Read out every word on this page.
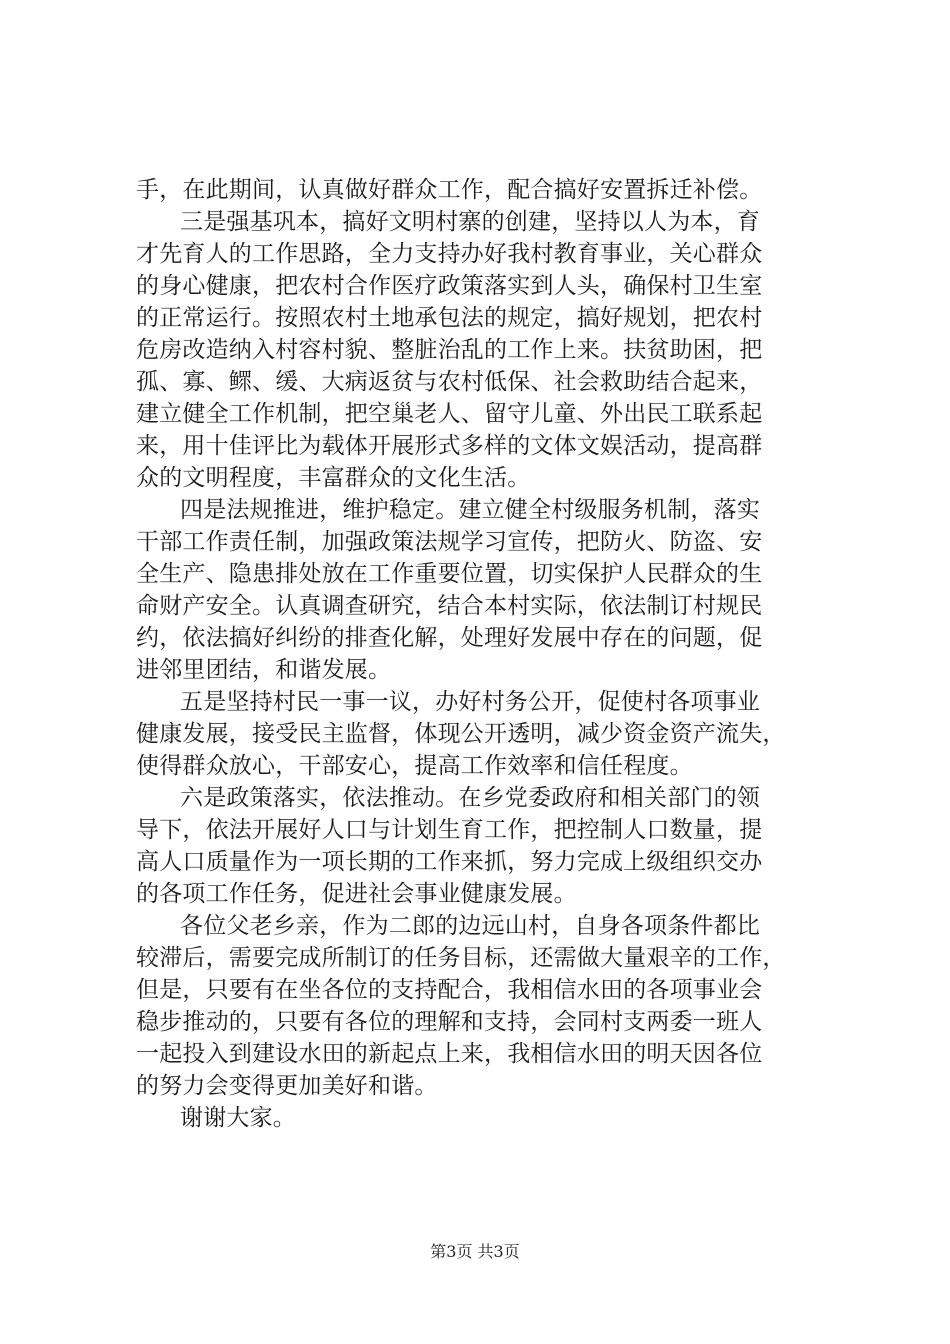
手，在此期间，认真做好群众工作，配合搞好安置拆迁补偿。
三是强基巩本，搞好文明村寨的创建，坚持以人为本，育
才先育人的工作思路，全力支持办好我村教育事业，关心群众
的身心健康，把农村合作医疗政策落实到人头，确保村卫生室
的正常运行。按照农村土地承包法的规定，搞好规划，把农村
危房改造纳入村容村貌、整脏治乱的工作上来。扶贫助困，把
孤、寡、鳏、缓、大病返贫与农村低保、社会救助结合起来，
建立健全工作机制，把空巢老人、留守儿童、外出民工联系起
来，用十佳评比为载体开展形式多样的文体文娱活动，提高群
众的文明程度，丰富群众的文化生活。
四是法规推进，维护稳定。建立健全村级服务机制，落实
干部工作责任制，加强政策法规学习宣传，把防火、防盗、安
全生产、隐患排处放在工作重要位置，切实保护人民群众的生
命财产安全。认真调查研究，结合本村实际，依法制订村规民
约，依法搞好纠纷的排查化解，处理好发展中存在的问题，促
进邻里团结，和谐发展。
五是坚持村民一事一议，办好村务公开，促使村各项事业
健康发展，接受民主监督，体现公开透明，减少资金资产流失，
使得群众放心，干部安心，提高工作效率和信任程度。
六是政策落实，依法推动。在乡党委政府和相关部门的领
导下，依法开展好人口与计划生育工作，把控制人口数量，提
高人口质量作为一项长期的工作来抓，努力完成上级组织交办
的各项工作任务，促进社会事业健康发展。
各位父老乡亲，作为二郎的边远山村，自身各项条件都比
较滞后，需要完成所制订的任务目标，还需做大量艰辛的工作，
但是，只要有在坐各位的支持配合，我相信水田的各项事业会
稳步推动的，只要有各位的理解和支持，会同村支两委一班人
一起投入到建设水田的新起点上来，我相信水田的明天因各位
的努力会变得更加美好和谐。
谢谢大家。
第3页 共3页
